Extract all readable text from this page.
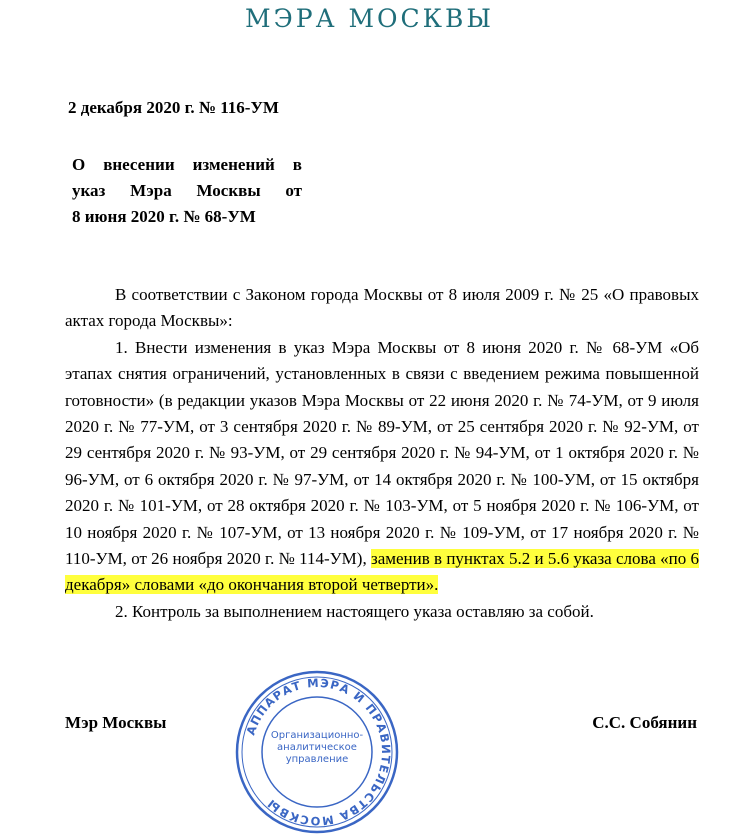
МЭРА МОСКВЫ
2 декабря 2020 г. № 116-УМ
О внесении изменений в
указ Мэра Москвы от
8 июня 2020 г. № 68-УМ

В соответствии с Законом города Москвы от 8 июля 2009 г. № 25 «О правовых актах города Москвы»:

1. Внести изменения в указ Мэра Москвы от 8 июня 2020 г. № 68-УМ «Об этапах снятия ограничений, установленных в связи с введением режима повышенной готовности» (в редакции указов Мэра Москвы от 22 июня 2020 г. № 74-УМ, от 9 июля 2020 г. № 77-УМ, от 3 сентября 2020 г. № 89-УМ, от 25 сентября 2020 г. № 92-УМ, от 29 сентября 2020 г. № 93-УМ, от 29 сентября 2020 г. № 94-УМ, от 1 октября 2020 г. № 96-УМ, от 6 октября 2020 г. № 97-УМ, от 14 октября 2020 г. № 100-УМ, от 15 октября 2020 г. № 101-УМ, от 28 октября 2020 г. № 103-УМ, от 5 ноября 2020 г. № 106-УМ, от 10 ноября 2020 г. № 107-УМ, от 13 ноября 2020 г. № 109-УМ, от 17 ноября 2020 г. № 110-УМ, от 26 ноября 2020 г. № 114-УМ), заменив в пунктах 5.2 и 5.6 указа слова «по 6 декабря» словами «до окончания второй четверти».

2. Контроль за выполнением настоящего указа оставляю за собой.

АППАРАТ МЭРА И ПРАВИТЕЛЬСТВА МОСКВЫ
Организационно-
аналитическое
управление
Мэр Москвы	С.С. Собянин
